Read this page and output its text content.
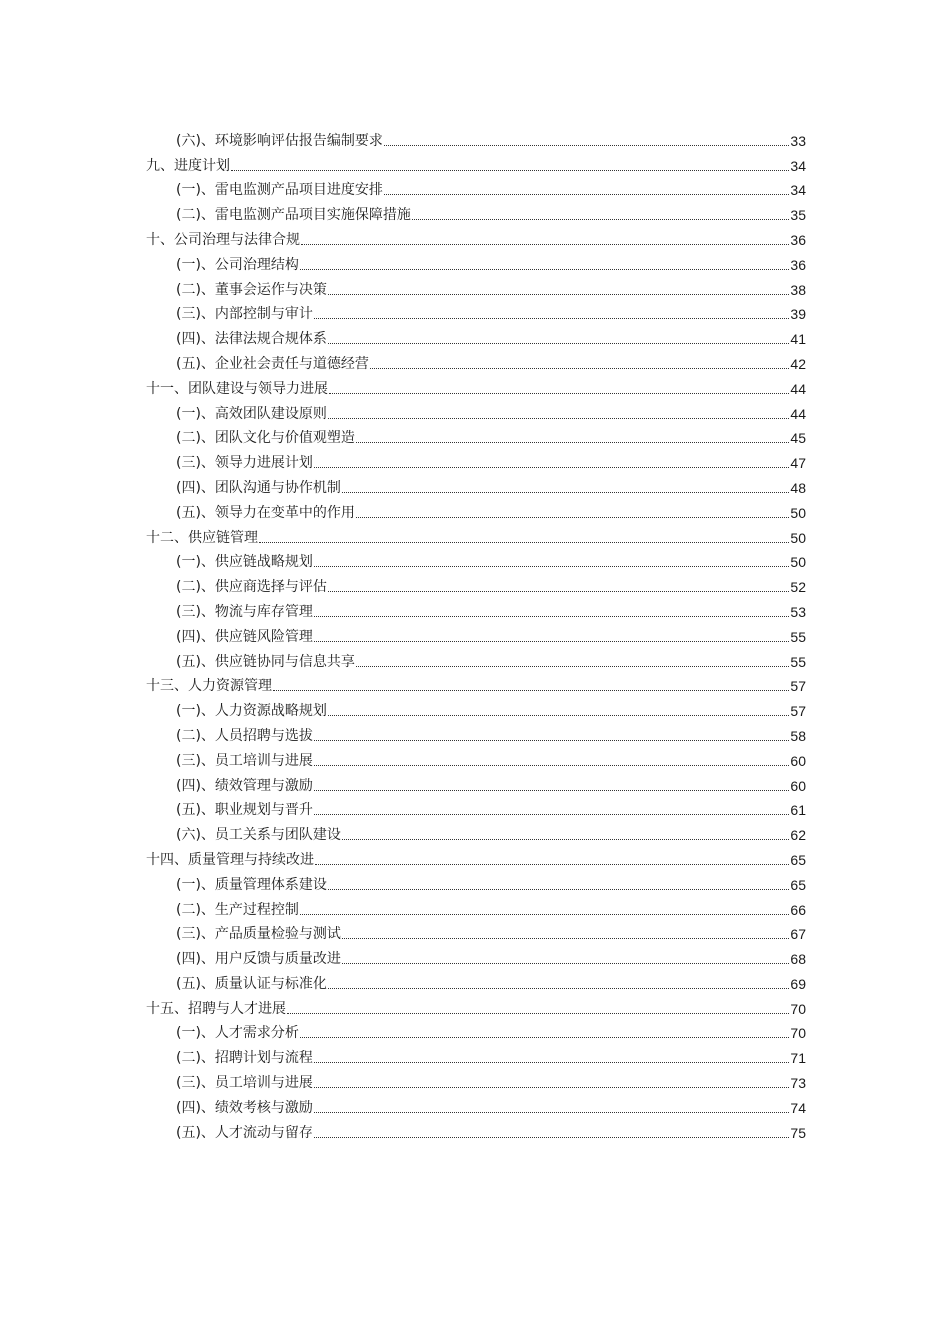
(六)、环境影响评估报告编制要求	33
九、进度计划	34
(一)、雷电监测产品项目进度安排	34
(二)、雷电监测产品项目实施保障措施	35
十、公司治理与法律合规	36
(一)、公司治理结构	36
(二)、董事会运作与决策	38
(三)、内部控制与审计	39
(四)、法律法规合规体系	41
(五)、企业社会责任与道德经营	42
十一、团队建设与领导力进展	44
(一)、高效团队建设原则	44
(二)、团队文化与价值观塑造	45
(三)、领导力进展计划	47
(四)、团队沟通与协作机制	48
(五)、领导力在变革中的作用	50
十二、供应链管理	50
(一)、供应链战略规划	50
(二)、供应商选择与评估	52
(三)、物流与库存管理	53
(四)、供应链风险管理	55
(五)、供应链协同与信息共享	55
十三、人力资源管理	57
(一)、人力资源战略规划	57
(二)、人员招聘与选拔	58
(三)、员工培训与进展	60
(四)、绩效管理与激励	60
(五)、职业规划与晋升	61
(六)、员工关系与团队建设	62
十四、质量管理与持续改进	65
(一)、质量管理体系建设	65
(二)、生产过程控制	66
(三)、产品质量检验与测试	67
(四)、用户反馈与质量改进	68
(五)、质量认证与标准化	69
十五、招聘与人才进展	70
(一)、人才需求分析	70
(二)、招聘计划与流程	71
(三)、员工培训与进展	73
(四)、绩效考核与激励	74
(五)、人才流动与留存	75
